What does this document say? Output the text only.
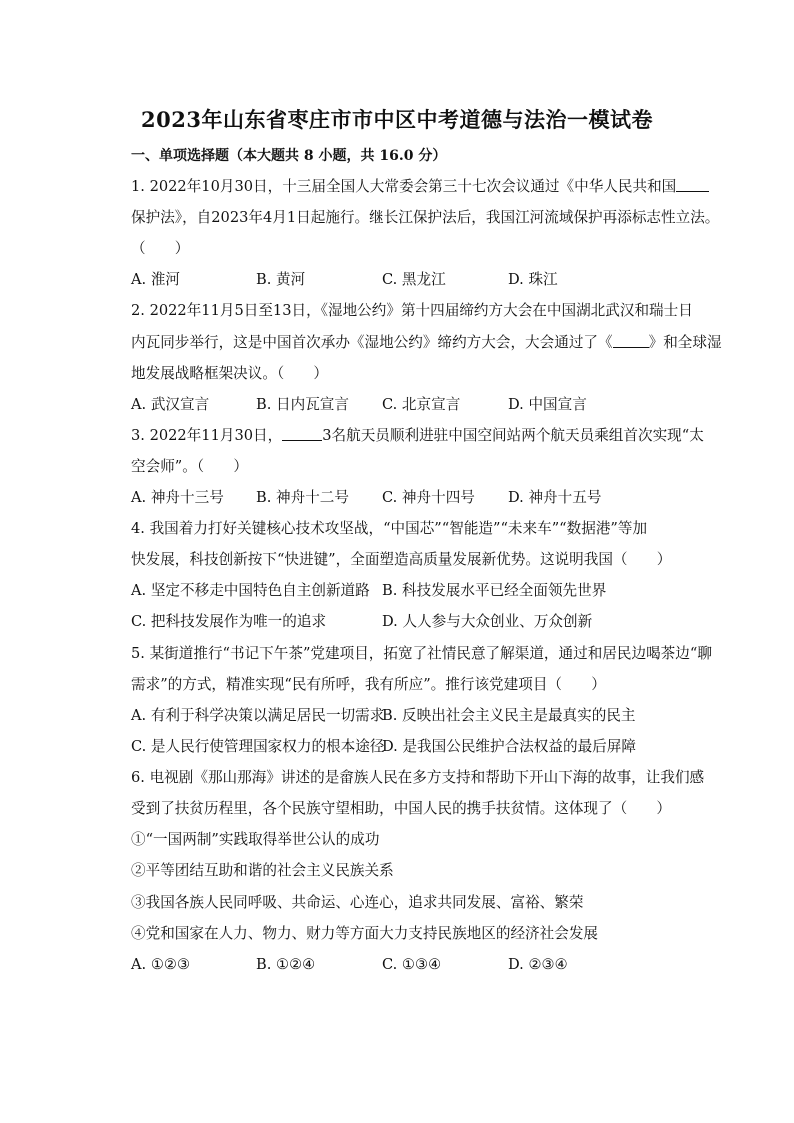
2023年山东省枣庄市市中区中考道德与法治一模试卷
一、单项选择题（本大题共 8 小题，共 16.0 分）
1. 2022年10月30日，十三届全国人大常委会第三十七次会议通过《中华人民共和国
保护法》，自2023年4月1日起施行。继长江保护法后，我国江河流域保护再添标志性立法。
（　　）
A. 淮河	B. 黄河	C. 黑龙江	D. 珠江
2. 2022年11月5日至13日，《湿地公约》第十四届缔约方大会在中国湖北武汉和瑞士日
内瓦同步举行，这是中国首次承办《湿地公约》缔约方大会，大会通过了《 》和全球湿
地发展战略框架决议。（　　）
A. 武汉宣言	B. 日内瓦宣言 C. 北京宣言	D. 中国宣言
3. 2022年11月30日，	3名航天员顺利进驻中国空间站两个航天员乘组首次实现“太
空会师”。（　　）
A. 神舟十三号 B. 神舟十二号 C. 神舟十四号 D. 神舟十五号
4. 我国着力打好关键核心技术攻坚战，“中国芯”“智能造”“未来车”“数据港”等加
快发展，科技创新按下“快进键”，全面塑造高质量发展新优势。这说明我国（　　）
A. 坚定不移走中国特色自主创新道路 B. 科技发展水平已经全面领先世界
C. 把科技发展作为唯一的追求	D. 人人参与大众创业、万众创新
5. 某街道推行“书记下午茶”党建项目，拓宽了社情民意了解渠道，通过和居民边喝茶边“聊
需求”的方式，精准实现“民有所呼，我有所应”。推行该党建项目（　　）
A. 有利于科学决策以满足居民一切需求
B. 反映出社会主义民主是最真实的民主
C. 是人民行使管理国家权力的根本途径
D. 是我国公民维护合法权益的最后屏障
6. 电视剧《那山那海》讲述的是畲族人民在多方支持和帮助下开山下海的故事，让我们感
受到了扶贫历程里，各个民族守望相助，中国人民的携手扶贫情。这体现了（　　）
①“一国两制”实践取得举世公认的成功
②平等团结互助和谐的社会主义民族关系
③我国各族人民同呼吸、共命运、心连心，追求共同发展、富裕、繁荣
④党和国家在人力、物力、财力等方面大力支持民族地区的经济社会发展
A. ①②③	B. ①②④	C. ①③④	D. ②③④
